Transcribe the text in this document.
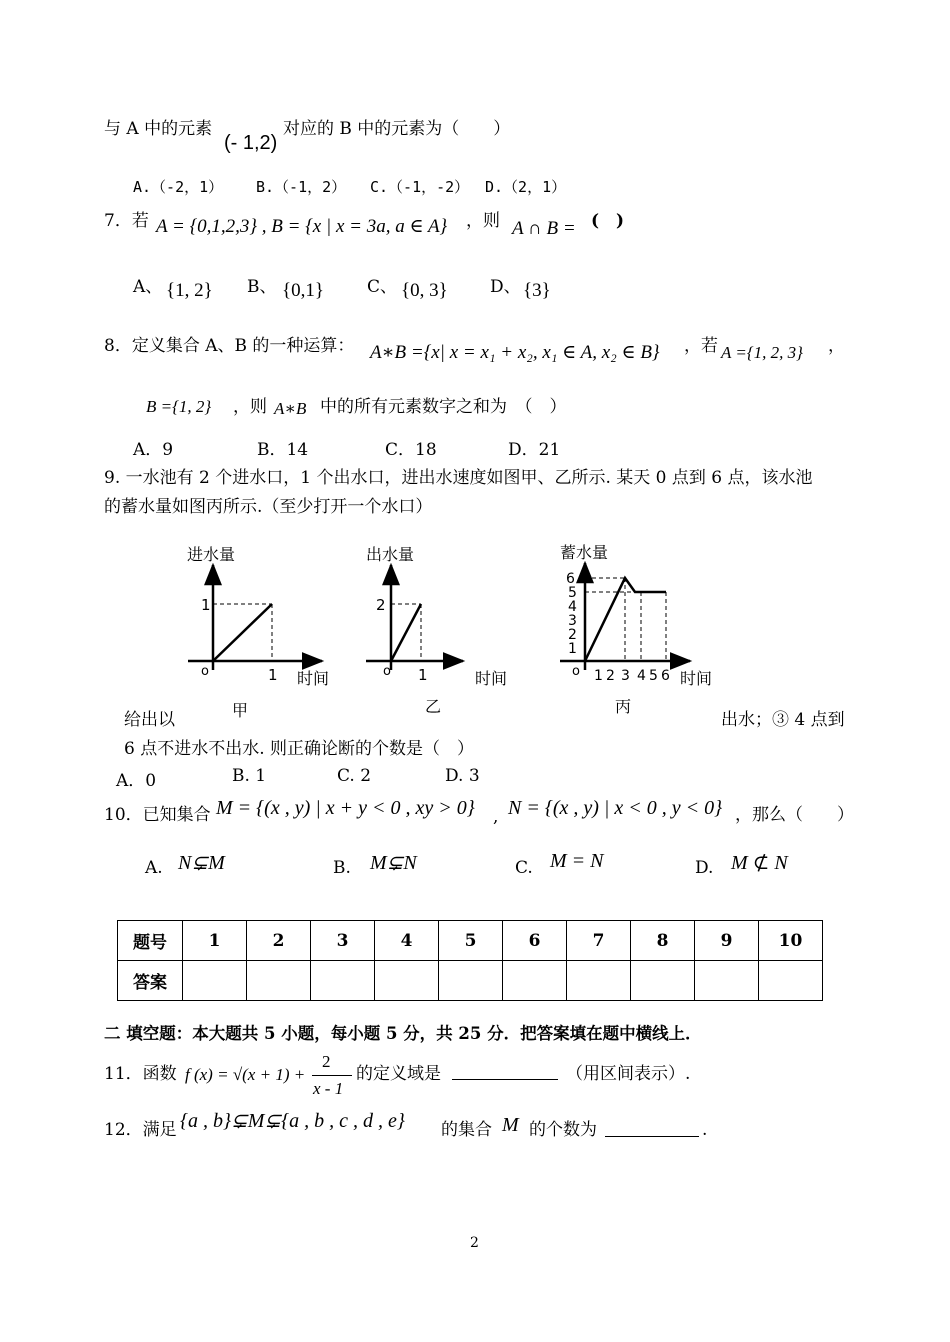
与 A 中的元素
(- 1,2)
对应的 B 中的元素为（　　）
A.（-2，1） B.（-1，2） C.（-1，-2） D.（2，1）
7．若 A = {0,1,2,3} , B = {x | x = 3a, a ∈ A} ，则 A ∩ B = (　)
A、 {1, 2} B、 {0,1}	C、 {0, 3} D、 {3}
8．定义集合 A、B 的一种运算： A∗B ={x| x = x₁ + x₂, x₁ ∈ A, x₂ ∈ B} ，若 A ={1, 2, 3} ，
B ={1, 2} ，则 A∗B 中的所有元素数字之和为　（　）
A．9	B．14	C．18	D．21
9. 一水池有 2 个进水口，1 个出水口，进出水速度如图甲、乙所示. 某天 0 点到 6 点，该水池
的蓄水量如图丙所示.（至少打开一个水口）
进水量
时间
o
1
1
甲
出水量
时间
o
2
1
乙
蓄水量
时间
o
6
5
4
3
2
1
1 2 3 4 5 6
丙
给出以	出水；③ 4 点到
6 点不进水不出水. 则正确论断的个数是（　）
A．0	B. 1	C. 2	D. 3
10．已知集合 M = {(x , y) | x + y < 0 , xy > 0} , N = {(x , y) | x < 0 , y < 0} ，那么（　　）
A. N⊊M	B. M⊊N	C. M = N	D. M ⊄ N
题号	1	2	3	4	5	6	7	8	9	10
答案										
二 填空题：本大题共 5 小题，每小题 5 分，共 25 分．把答案填在题中横线上．
11．函数 f (x) = √(x + 1) +
2
x - 1
的定义域是	（用区间表示）.
12．满足 {a , b}⊊M⊊{a , b , c , d , e} 的集合 M 的个数为	.
2
